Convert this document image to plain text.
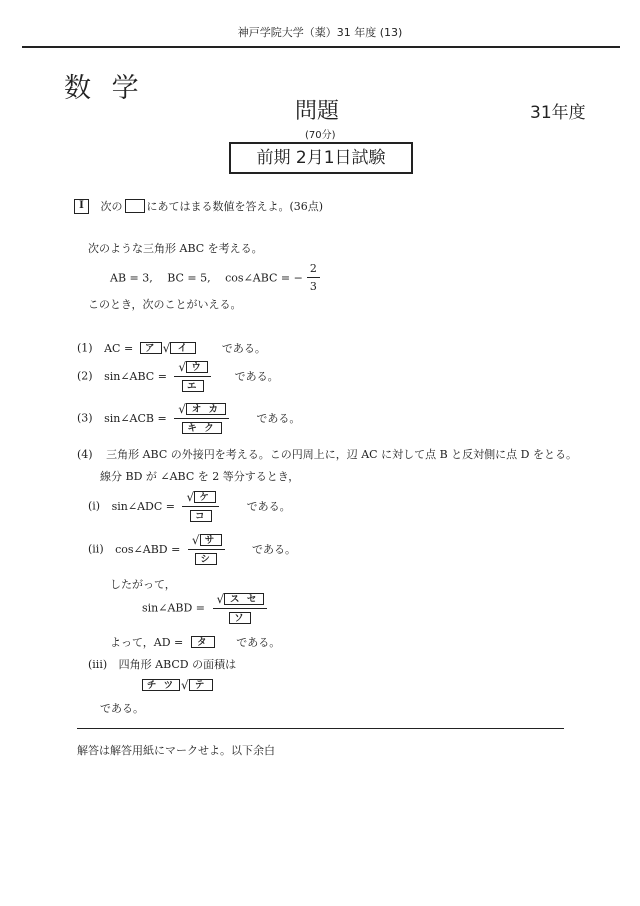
神戸学院大学（薬）31 年度 (13)
数 学
問題	31年度
(70分)
前期 2月1日試験
I 次の にあてはまる数値を答えよ。(36点)
次のような三角形 ABC を考える。
AB = 3,　 BC = 5,　 cos∠ABC = − $\frac{2}{3}$
このとき，次のことがいえる。
(1) AC = ア √ イ	である。
(2) sin∠ABC = $\frac{\text{√ ウ}}{\text{エ}}$ である。
(3) sin∠ACB = $\frac{\text{√ オ カ}}{\text{キ ク}}$	である。
(4) 三角形 ABC の外接円を考える。この円周上に，辺 AC に対して点 B と反対側に点 D をとる。
線分 BD が ∠ABC を 2 等分するとき，
(i) sin∠ADC = $\frac{\text{√ ケ}}{\text{コ}}$	である。
(ii) cos∠ABD = $\frac{\text{√ サ}}{\text{シ}}$	である。
したがって，
sin∠ABD = $\frac{\text{√ ス セ}}{\text{ソ}}$
よって，AD = タ	である。
(iii) 四角形 ABCD の面積は
チ ツ √ テ
である。
解答は解答用紙にマークせよ。以下余白
